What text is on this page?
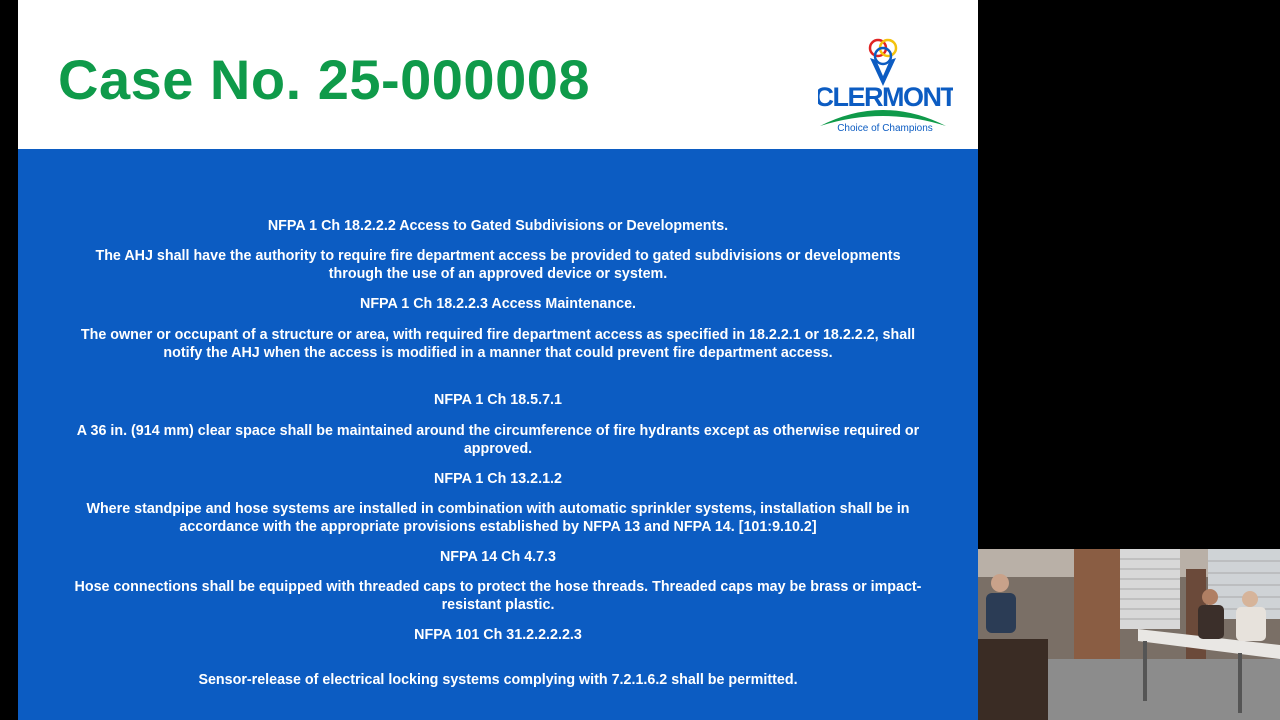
Case No. 25-000008	CLERMONT
Choice of Champions
NFPA 1 Ch 18.2.2.2 Access to Gated Subdivisions or Developments.
The AHJ shall have the authority to require fire department access be provided to gated subdivisions or developments through the use of an approved device or system.
NFPA 1 Ch 18.2.2.3 Access Maintenance.
The owner or occupant of a structure or area, with required fire department access as specified in 18.2.2.1 or 18.2.2.2, shall notify the AHJ when the access is modified in a manner that could prevent fire department access.
NFPA 1 Ch 18.5.7.1
A 36 in. (914 mm) clear space shall be maintained around the circumference of fire hydrants except as otherwise required or approved.
NFPA 1 Ch 13.2.1.2
Where standpipe and hose systems are installed in combination with automatic sprinkler systems, installation shall be in accordance with the appropriate provisions established by NFPA 13 and NFPA 14. [101:9.10.2]
NFPA 14 Ch 4.7.3
Hose connections shall be equipped with threaded caps to protect the hose threads. Threaded caps may be brass or impact-resistant plastic.
NFPA 101 Ch 31.2.2.2.2.3
Sensor-release of electrical locking systems complying with 7.2.1.6.2 shall be permitted.
